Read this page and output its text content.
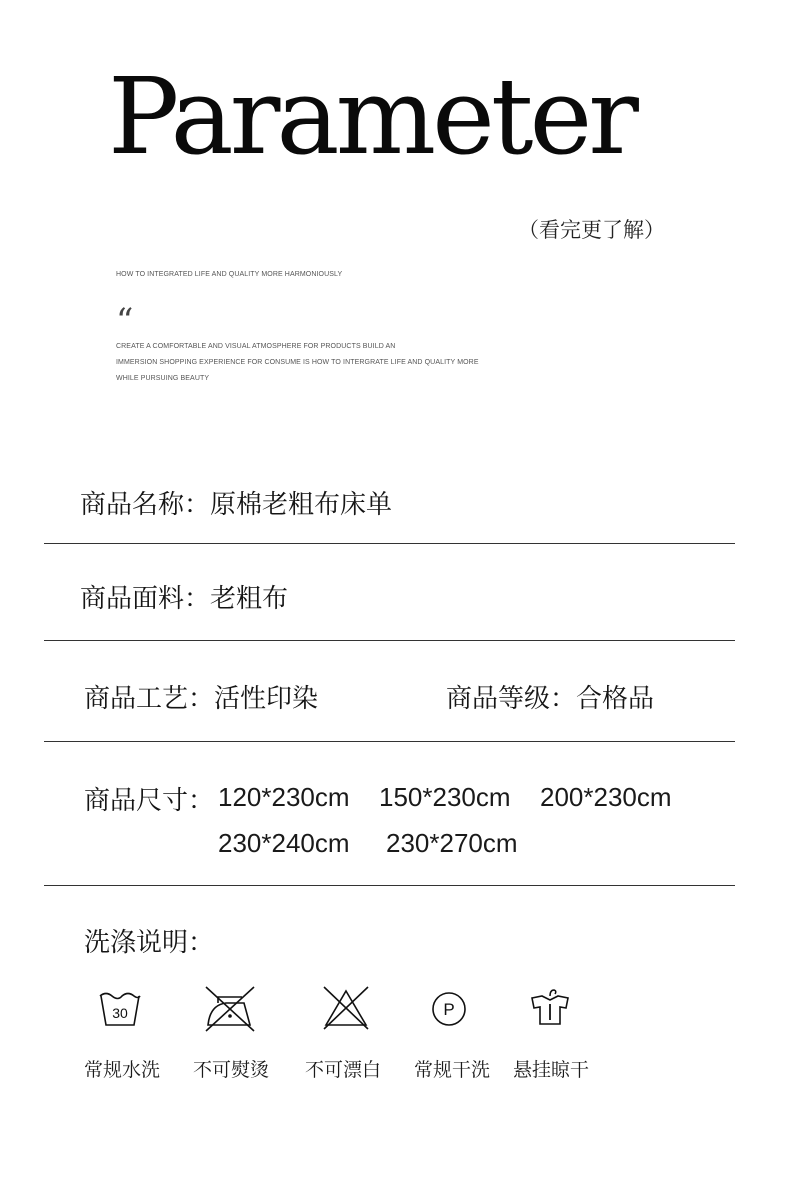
Parameter
（看完更了解）
HOW TO INTEGRATED LIFE AND QUALITY MORE HARMONIOUSLY
“
CREATE A COMFORTABLE AND VISUAL ATMOSPHERE FOR PRODUCTS BUILD AN
IMMERSION SHOPPING EXPERIENCE FOR CONSUME IS HOW TO INTERGRATE LIFE AND QUALITY MORE
WHILE PURSUING BEAUTY
商品名称：原棉老粗布床单
商品面料：老粗布
商品工艺：活性印染	商品等级：合格品
商品尺寸： 120*230cm 150*230cm 200*230cm
230*240cm 230*270cm
洗涤说明：
30	P
常规水洗 不可熨烫 不可漂白 常规干洗 悬挂晾干
